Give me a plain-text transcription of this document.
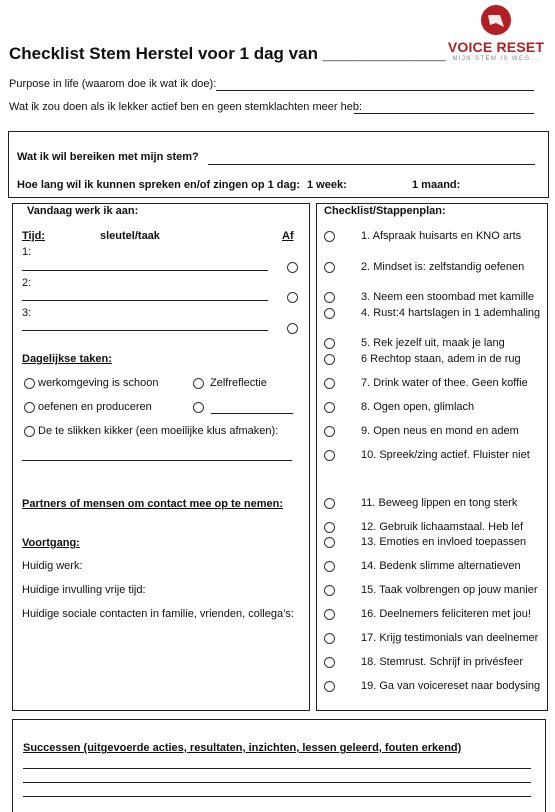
Checklist Stem Herstel voor 1 dag van _____________ VOICE RESET
MIJN STEM IS WEG...
Purpose in life (waarom doe ik wat ik doe):
Wat ik zou doen als ik lekker actief ben en geen stemklachten meer heb:
Wat ik wil bereiken met mijn stem?
Hoe lang wil ik kunnen spreken en/of zingen op 1 dag: 1 week:	1 maand:
Vandaag werk ik aan:
Tijd:	sleutel/taak	Af
1:
2:
3:
Dagelijkse taken:
werkomgeving is schoon	Zelfreflectie
oefenen en produceren
De te slikken kikker (een moeilijke klus afmaken):
Partners of mensen om contact mee op te nemen:
Voortgang:
Huidig werk:
Huidige invulling vrije tijd:
Huidige sociale contacten in familie, vrienden, collega’s:
Checklist/Stappenplan:
1. Afspraak huisarts en KNO arts
2. Mindset is: zelfstandig oefenen
3. Neem een stoombad met kamille
4. Rust:4 hartslagen in 1 ademhaling
5. Rek jezelf uit, maak je lang
6 Rechtop staan, adem in de rug
7. Drink water of thee. Geen koffie
8. Ogen open, glimlach
9. Open neus en mond en adem
10. Spreek/zing actief. Fluister niet
11. Beweeg lippen en tong sterk
12. Gebruik lichaamstaal. Heb lef
13. Emoties en invloed toepassen
14. Bedenk slimme alternatieven
15. Taak volbrengen op jouw manier
16. Deelnemers feliciteren met jou!
17. Krijg testimonials van deelnemer
18. Stemrust. Schrijf in privésfeer
19. Ga van voicereset naar bodysing
Successen (uitgevoerde acties, resultaten, inzichten, lessen geleerd, fouten erkend)
